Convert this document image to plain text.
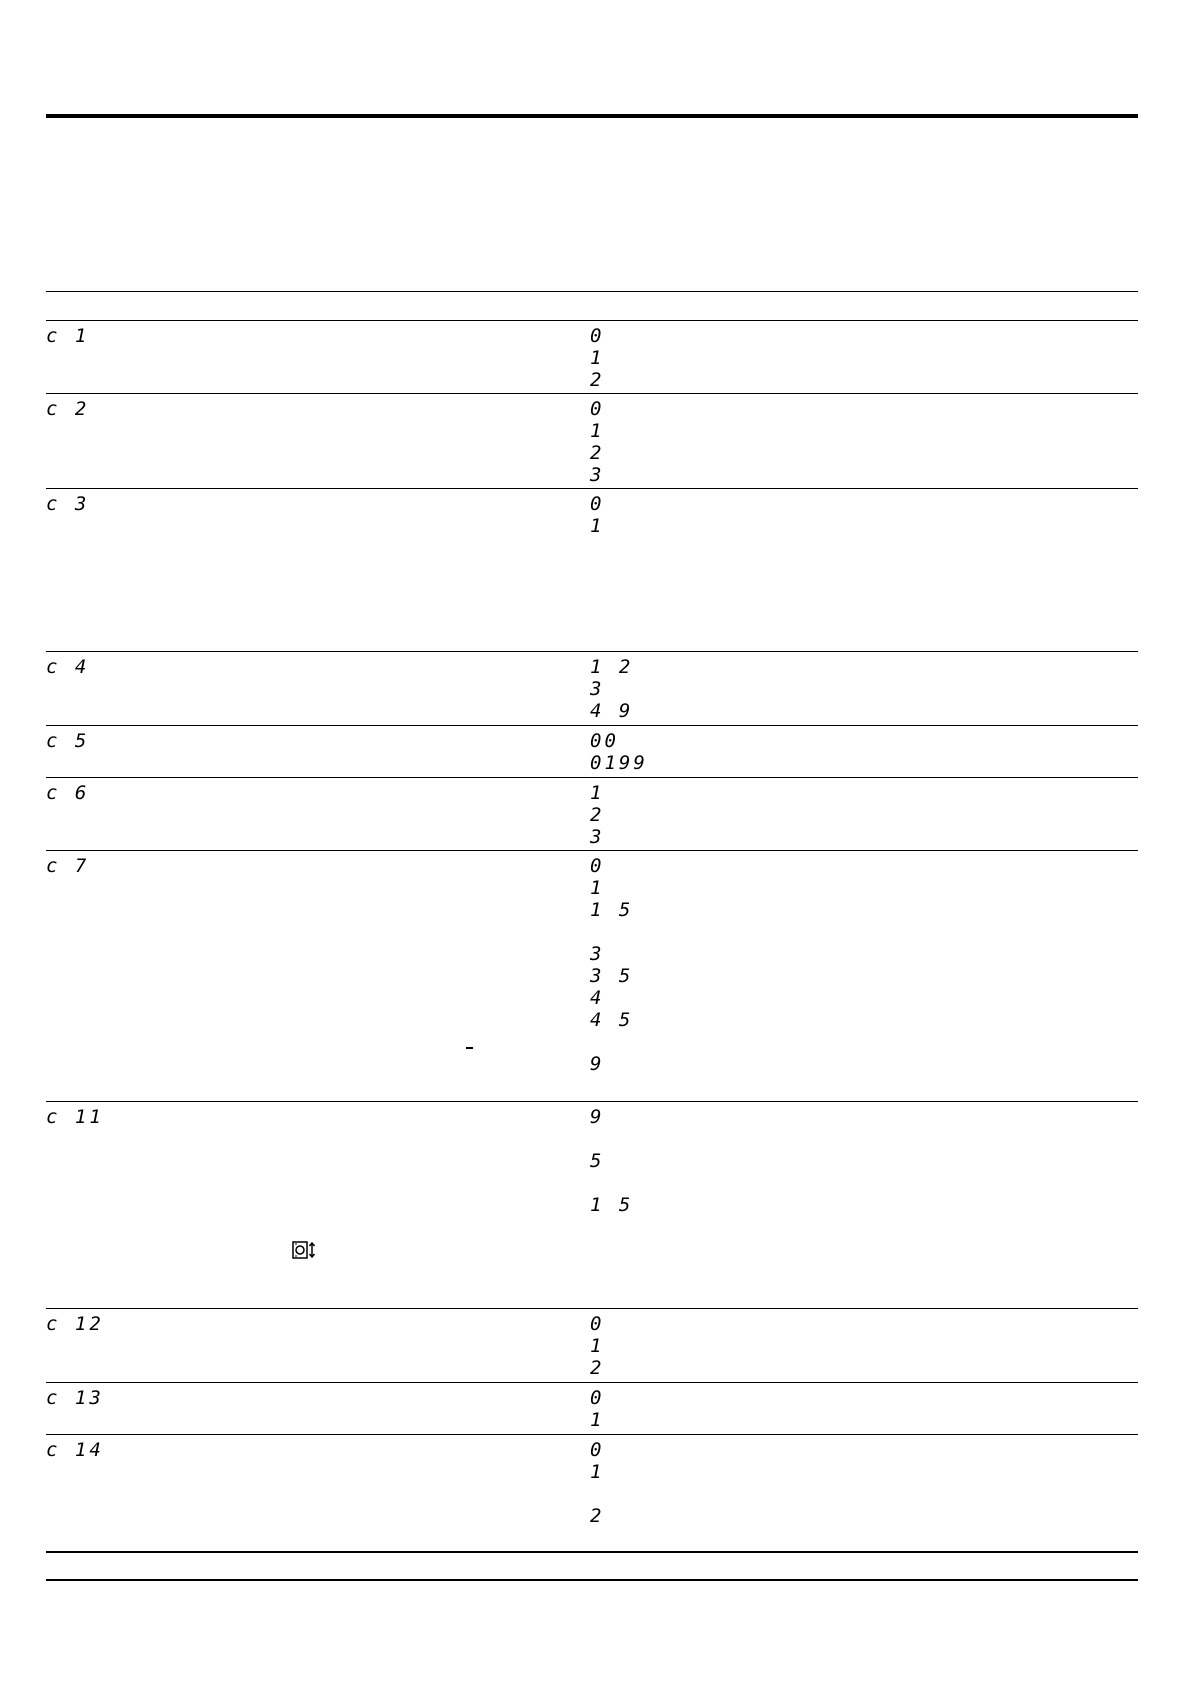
c 1
c 2
c 3
c 4
c 5
c 6
c 7
c 11
c 12
c 13
c 14
0
1
2
0
1
2
3
0
1
1 2
3
4 9
00
0199
1
2
3
0
1
1 5
3
3 5
4
4 5
9
9
5
1 5
0
1
2
0
1
0
1
2
